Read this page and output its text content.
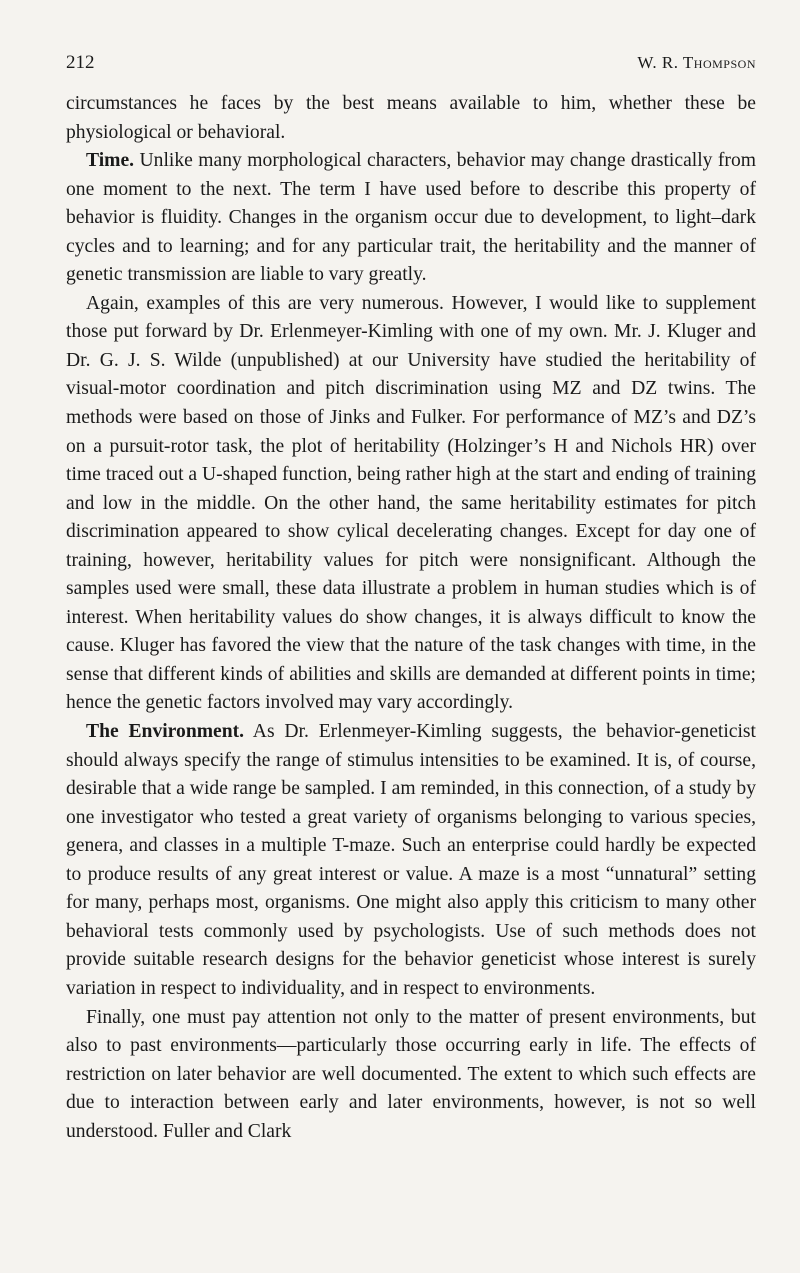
212	W. R. Thompson

circumstances he faces by the best means available to him, whether these be physiological or behavioral.

Time. Unlike many morphological characters, behavior may change drastically from one moment to the next. The term I have used before to describe this property of behavior is fluidity. Changes in the organism occur due to development, to light–dark cycles and to learning; and for any particular trait, the heritability and the manner of genetic transmission are liable to vary greatly.

Again, examples of this are very numerous. However, I would like to supplement those put forward by Dr. Erlenmeyer-Kimling with one of my own. Mr. J. Kluger and Dr. G. J. S. Wilde (unpublished) at our University have studied the heritability of visual-motor coordination and pitch discrimination using MZ and DZ twins. The methods were based on those of Jinks and Fulker. For performance of MZ’s and DZ’s on a pursuit-rotor task, the plot of heritability (Holzinger’s H and Nichols HR) over time traced out a U-shaped function, being rather high at the start and ending of training and low in the middle. On the other hand, the same heritability estimates for pitch discrimination appeared to show cylical decelerating changes. Except for day one of training, however, heritability values for pitch were nonsignificant. Although the samples used were small, these data illustrate a problem in human studies which is of interest. When heritability values do show changes, it is always difficult to know the cause. Kluger has favored the view that the nature of the task changes with time, in the sense that different kinds of abilities and skills are demanded at different points in time; hence the genetic factors involved may vary accordingly.

The Environment. As Dr. Erlenmeyer-Kimling suggests, the behavior-geneticist should always specify the range of stimulus intensities to be examined. It is, of course, desirable that a wide range be sampled. I am reminded, in this connection, of a study by one investigator who tested a great variety of organisms belonging to various species, genera, and classes in a multiple T-maze. Such an enterprise could hardly be expected to produce results of any great interest or value. A maze is a most “unnatural” setting for many, perhaps most, organisms. One might also apply this criticism to many other behavioral tests commonly used by psychologists. Use of such methods does not provide suitable research designs for the behavior geneticist whose interest is surely variation in respect to individuality, and in respect to environments.

Finally, one must pay attention not only to the matter of present environments, but also to past environments—particularly those occurring early in life. The effects of restriction on later behavior are well documented. The extent to which such effects are due to interaction between early and later environments, however, is not so well understood. Fuller and Clark
